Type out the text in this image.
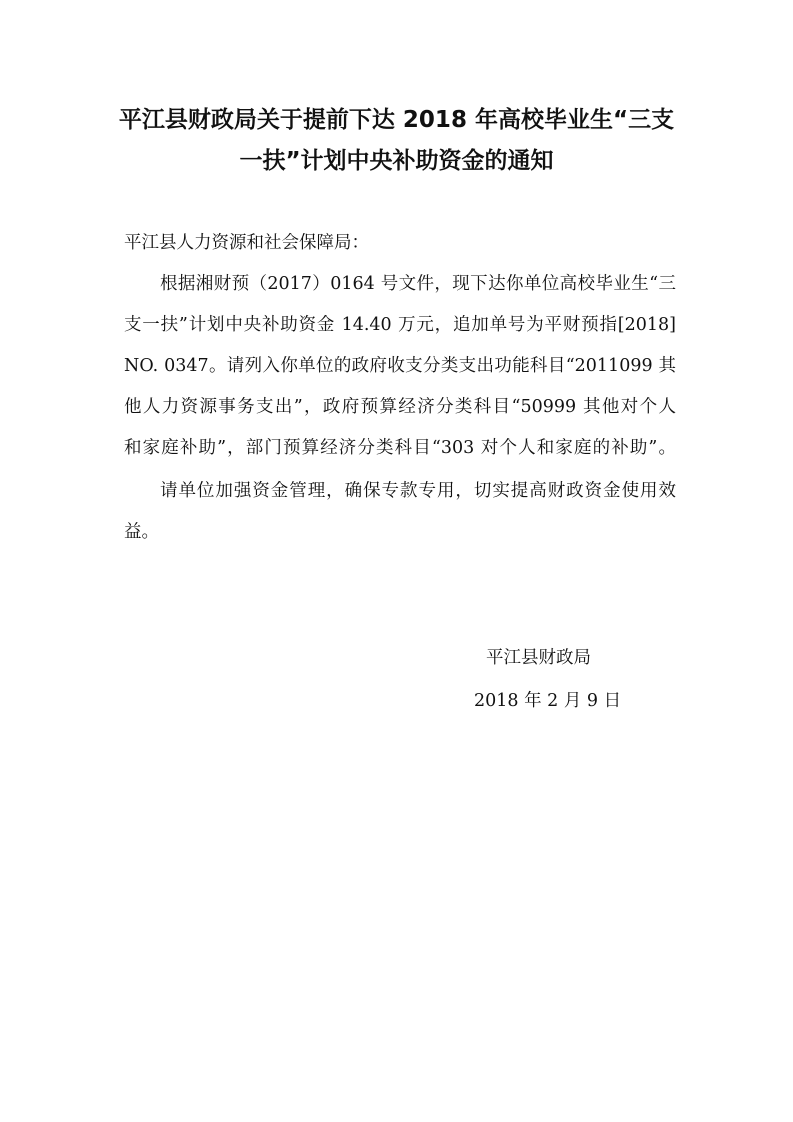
平江县财政局关于提前下达 2018 年高校毕业生“三支
一扶”计划中央补助资金的通知

平江县人力资源和社会保障局：

根据湘财预（2017）0164 号文件，现下达你单位高校毕业生“三

支一扶”计划中央补助资金 14.40 万元，追加单号为平财预指[2018]

NO. 0347。请列入你单位的政府收支分类支出功能科目“2011099 其

他人力资源事务支出”，政府预算经济分类科目“50999 其他对个人

和家庭补助”，部门预算经济分类科目“303 对个人和家庭的补助”。

请单位加强资金管理，确保专款专用，切实提高财政资金使用效

益。

平江县财政局
2018 年 2 月 9 日
